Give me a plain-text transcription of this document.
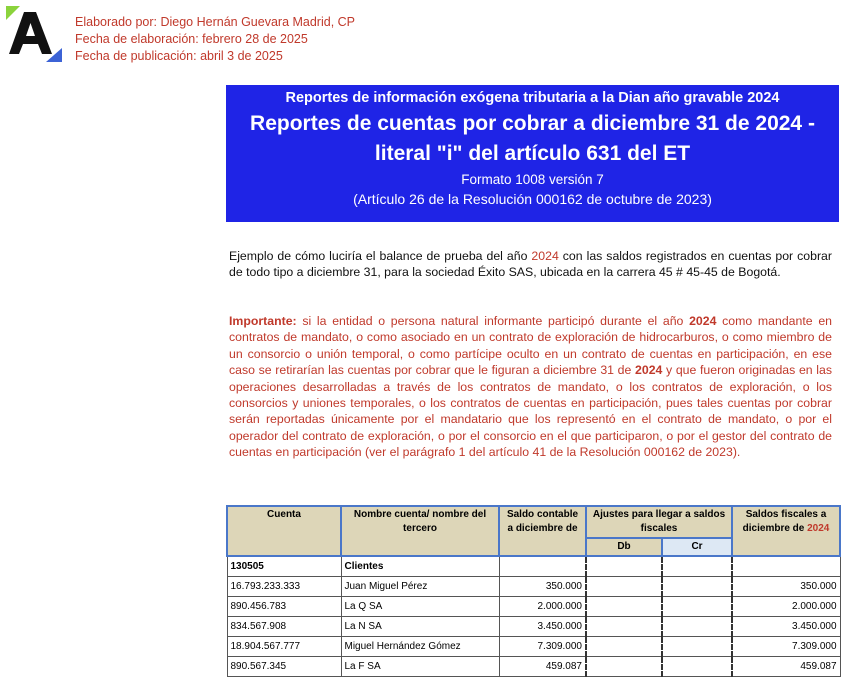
Elaborado por: Diego Hernán Guevara Madrid, CP
Fecha de elaboración: febrero 28 de 2025
Fecha de publicación: abril 3 de 2025
Reportes de información exógena tributaria a la Dian año gravable 2024
Reportes de cuentas por cobrar a diciembre 31 de 2024 - literal "i" del artículo 631 del ET
Formato 1008 versión 7
(Artículo 26 de la Resolución 000162 de octubre de 2023)
Ejemplo de cómo luciría el balance de prueba del año 2024 con las saldos registrados en cuentas por cobrar de todo tipo a diciembre 31, para la sociedad Éxito SAS, ubicada en la carrera 45 # 45-45 de Bogotá.
Importante: si la entidad o persona natural informante participó durante el año 2024 como mandante en contratos de mandato, o como asociado en un contrato de exploración de hidrocarburos, o como miembro de un consorcio o unión temporal, o como partícipe oculto en un contrato de cuentas en participación, en ese caso se retirarían las cuentas por cobrar que le figuran a diciembre 31 de 2024 y que fueron originadas en las operaciones desarrolladas a través de los contratos de mandato, o los contratos de exploración, o los consorcios y uniones temporales, o los contratos de cuentas en participación, pues tales cuentas por cobrar serán reportadas únicamente por el mandatario que los representó en el contrato de mandato, o por el operador del contrato de exploración, o por el consorcio en el que participaron, o por el gestor del contrato de cuentas en participación (ver el parágrafo 1 del artículo 41 de la Resolución 000162 de 2023).
Cuenta	Nombre cuenta/ nombre del tercero	Saldo contable a diciembre de	Ajustes para llegar a saldos fiscales		Saldos fiscales a diciembre de 2024
			Db	Cr	
130505	Clientes				
16.793.233.333	Juan Miguel Pérez	350.000			350.000
890.456.783	La Q SA	2.000.000			2.000.000
834.567.908	La N SA	3.450.000			3.450.000
18.904.567.777	Miguel Hernández Gómez	7.309.000			7.309.000
890.567.345	La F SA	459.087			459.087
